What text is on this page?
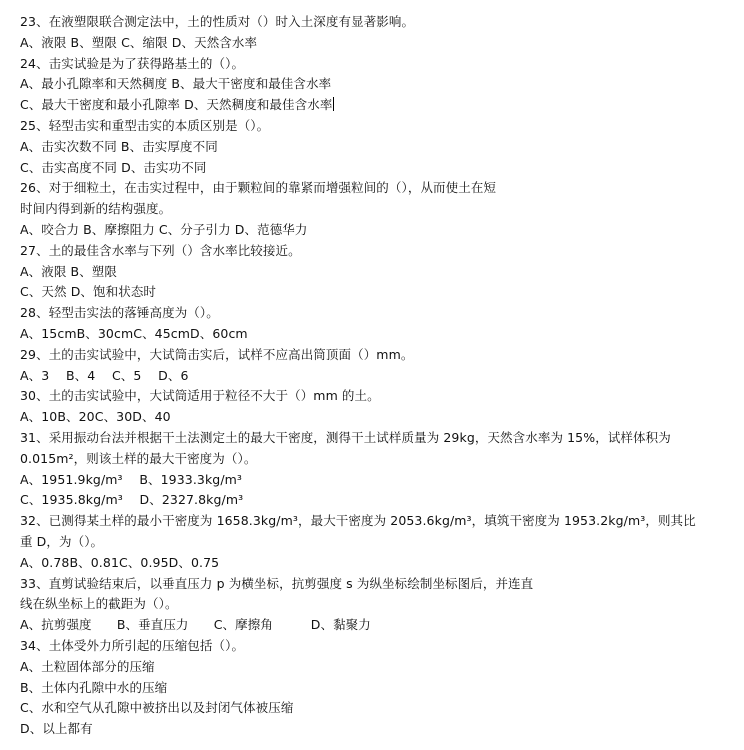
23、在液塑限联合测定法中，土的性质对（）时入土深度有显著影响。
A、液限 B、塑限 C、缩限 D、天然含水率
24、击实试验是为了获得路基土的（）。
A、最小孔隙率和天然稠度 B、最大干密度和最佳含水率
C、最大干密度和最小孔隙率 D、天然稠度和最佳含水率
25、轻型击实和重型击实的本质区别是（）。
A、击实次数不同 B、击实厚度不同
C、击实高度不同 D、击实功不同
26、对于细粒土，在击实过程中，由于颗粒间的靠紧而增强粒间的（），从而使土在短
时间内得到新的结构强度。
A、咬合力 B、摩擦阻力 C、分子引力 D、范德华力
27、土的最佳含水率与下列（）含水率比较接近。
A、液限 B、塑限
C、天然 D、饱和状态时
28、轻型击实法的落锤高度为（）。
A、15cmB、30cmC、45cmD、60cm
29、土的击实试验中，大试筒击实后，试样不应高出筒顶面（）mm。
A、3　 B、4　 C、5　 D、6
30、土的击实试验中，大试筒适用于粒径不大于（）mm 的土。
A、10B、20C、30D、40
31、采用振动台法并根据干土法测定土的最大干密度，测得干土试样质量为 29kg，天然含水率为 15%，试样体积为
0.015m²，则该土样的最大干密度为（）。
A、1951.9kg/m³　 B、1933.3kg/m³
C、1935.8kg/m³　 D、2327.8kg/m³
32、已测得某土样的最小干密度为 1658.3kg/m³，最大干密度为 2053.6kg/m³，填筑干密度为 1953.2kg/m³，则其比
重 D，为（）。
A、0.78B、0.81C、0.95D、0.75
33、直剪试验结束后，以垂直压力 p 为横坐标，抗剪强度 s 为纵坐标绘制坐标图后，并连直
线在纵坐标上的截距为（）。
A、抗剪强度　　B、垂直压力　　C、摩擦角　　　D、黏聚力
34、土体受外力所引起的压缩包括（）。
A、土粒固体部分的压缩
B、土体内孔隙中水的压缩
C、水和空气从孔隙中被挤出以及封闭气体被压缩
D、以上都有
